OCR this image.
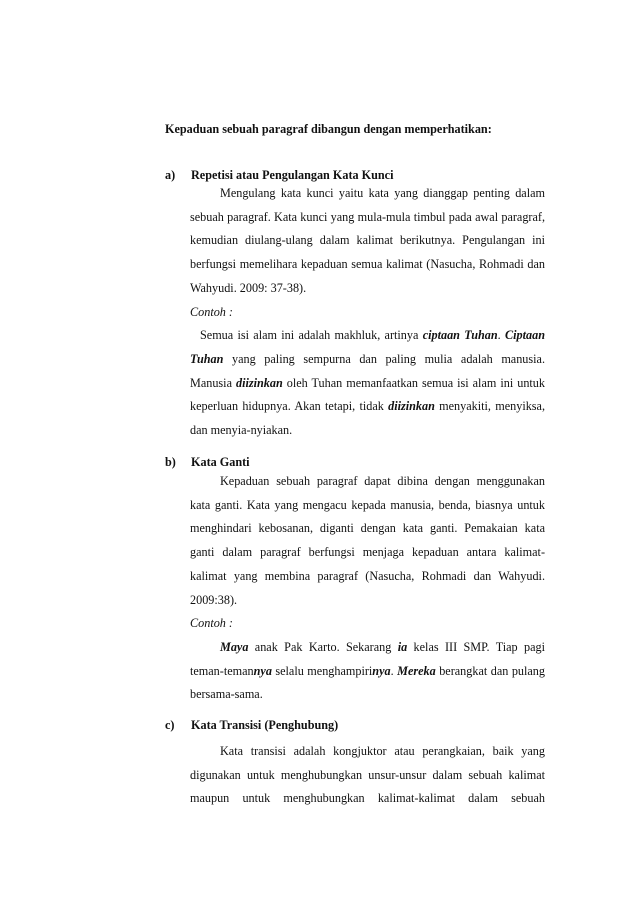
Kepaduan sebuah paragraf dibangun dengan memperhatikan:

a) Repetisi atau Pengulangan Kata Kunci

Mengulang kata kunci yaitu kata yang dianggap penting dalam sebuah paragraf. Kata kunci yang mula-mula timbul pada awal paragraf, kemudian diulang-ulang dalam kalimat berikutnya. Pengulangan ini berfungsi memelihara kepaduan semua kalimat (Nasucha, Rohmadi dan Wahyudi. 2009: 37-38).

Contoh :

Semua isi alam ini adalah makhluk, artinya ciptaan Tuhan. Ciptaan Tuhan yang paling sempurna dan paling mulia adalah manusia. Manusia diizinkan oleh Tuhan memanfaatkan semua isi alam ini untuk keperluan hidupnya. Akan tetapi, tidak diizinkan menyakiti, menyiksa, dan menyia-nyiakan.

b) Kata Ganti

Kepaduan sebuah paragraf dapat dibina dengan menggunakan kata ganti. Kata yang mengacu kepada manusia, benda, biasnya untuk menghindari kebosanan, diganti dengan kata ganti. Pemakaian kata ganti dalam paragraf berfungsi menjaga kepaduan antara kalimat-kalimat yang membina paragraf (Nasucha, Rohmadi dan Wahyudi. 2009:38).

Contoh :

Maya anak Pak Karto. Sekarang ia kelas III SMP. Tiap pagi teman-temannya selalu menghampirinya. Mereka berangkat dan pulang bersama-sama.

c) Kata Transisi (Penghubung)

Kata transisi adalah kongjuktor atau perangkaian, baik yang digunakan untuk menghubungkan unsur-unsur dalam sebuah kalimat maupun untuk menghubungkan kalimat-kalimat dalam sebuah
